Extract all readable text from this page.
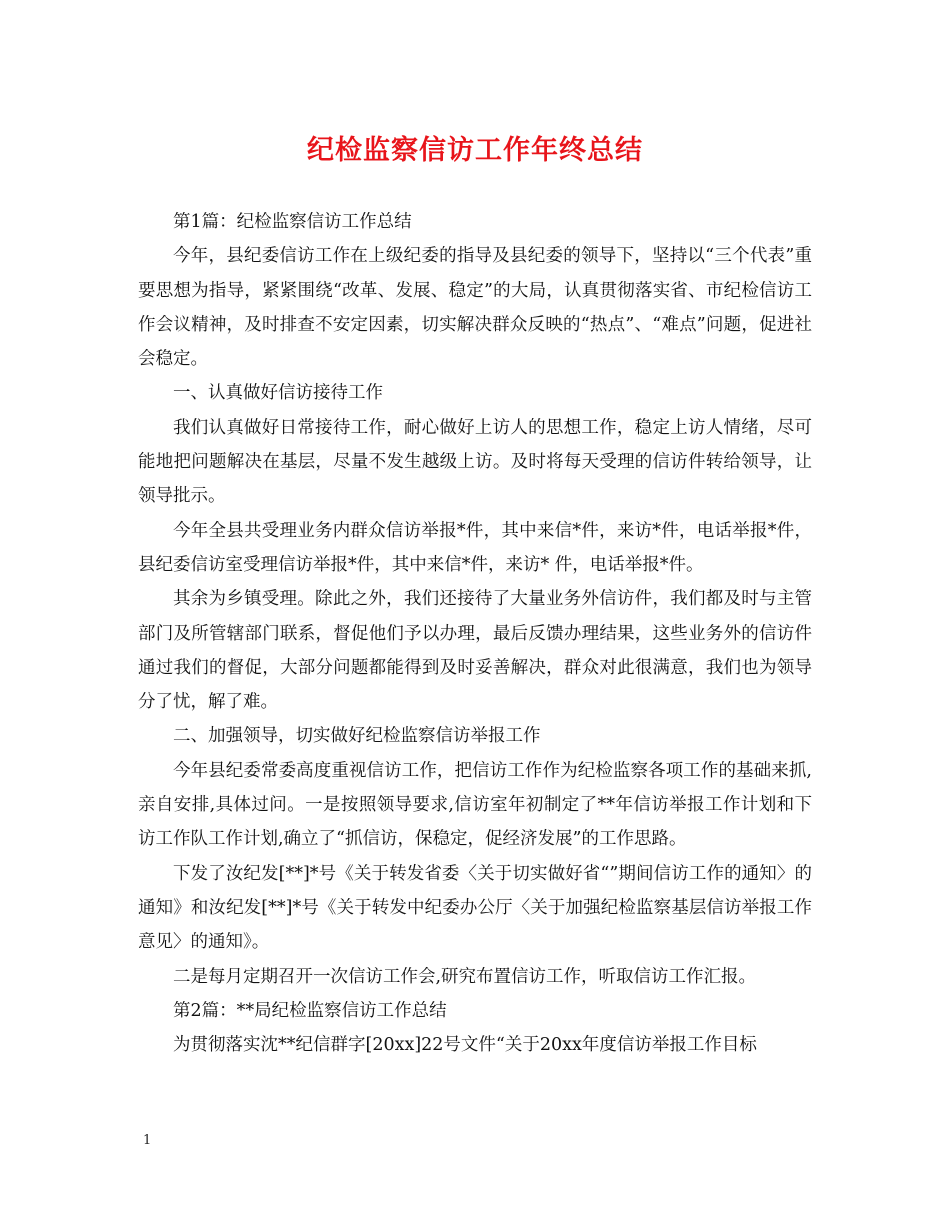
纪检监察信访工作年终总结

第1篇：纪检监察信访工作总结

今年，县纪委信访工作在上级纪委的指导及县纪委的领导下，坚持以“三个代表”重要思想为指导，紧紧围绕“改革、发展、稳定”的大局，认真贯彻落实省、市纪检信访工作会议精神，及时排查不安定因素，切实解决群众反映的“热点”、“难点”问题，促进社会稳定。

一、认真做好信访接待工作

我们认真做好日常接待工作，耐心做好上访人的思想工作，稳定上访人情绪，尽可能地把问题解决在基层，尽量不发生越级上访。及时将每天受理的信访件转给领导，让领导批示。

今年全县共受理业务内群众信访举报*件，其中来信*件，来访*件，电话举报*件，县纪委信访室受理信访举报*件，其中来信*件，来访* 件，电话举报*件。

其余为乡镇受理。除此之外，我们还接待了大量业务外信访件，我们都及时与主管部门及所管辖部门联系，督促他们予以办理，最后反馈办理结果，这些业务外的信访件通过我们的督促，大部分问题都能得到及时妥善解决，群众对此很满意，我们也为领导分了忧，解了难。

二、加强领导，切实做好纪检监察信访举报工作

今年县纪委常委高度重视信访工作，把信访工作作为纪检监察各项工作的基础来抓,亲自安排,具体过问。一是按照领导要求,信访室年初制定了**年信访举报工作计划和下访工作队工作计划,确立了“抓信访，保稳定，促经济发展”的工作思路。

下发了汝纪发[**]*号《关于转发省委〈关于切实做好省“”期间信访工作的通知〉的通知》和汝纪发[**]*号《关于转发中纪委办公厅〈关于加强纪检监察基层信访举报工作意见〉的通知》。

二是每月定期召开一次信访工作会,研究布置信访工作，听取信访工作汇报。

第2篇：**局纪检监察信访工作总结

为贯彻落实沈**纪信群字[20xx]22号文件“关于20xx年度信访举报工作目标

1
